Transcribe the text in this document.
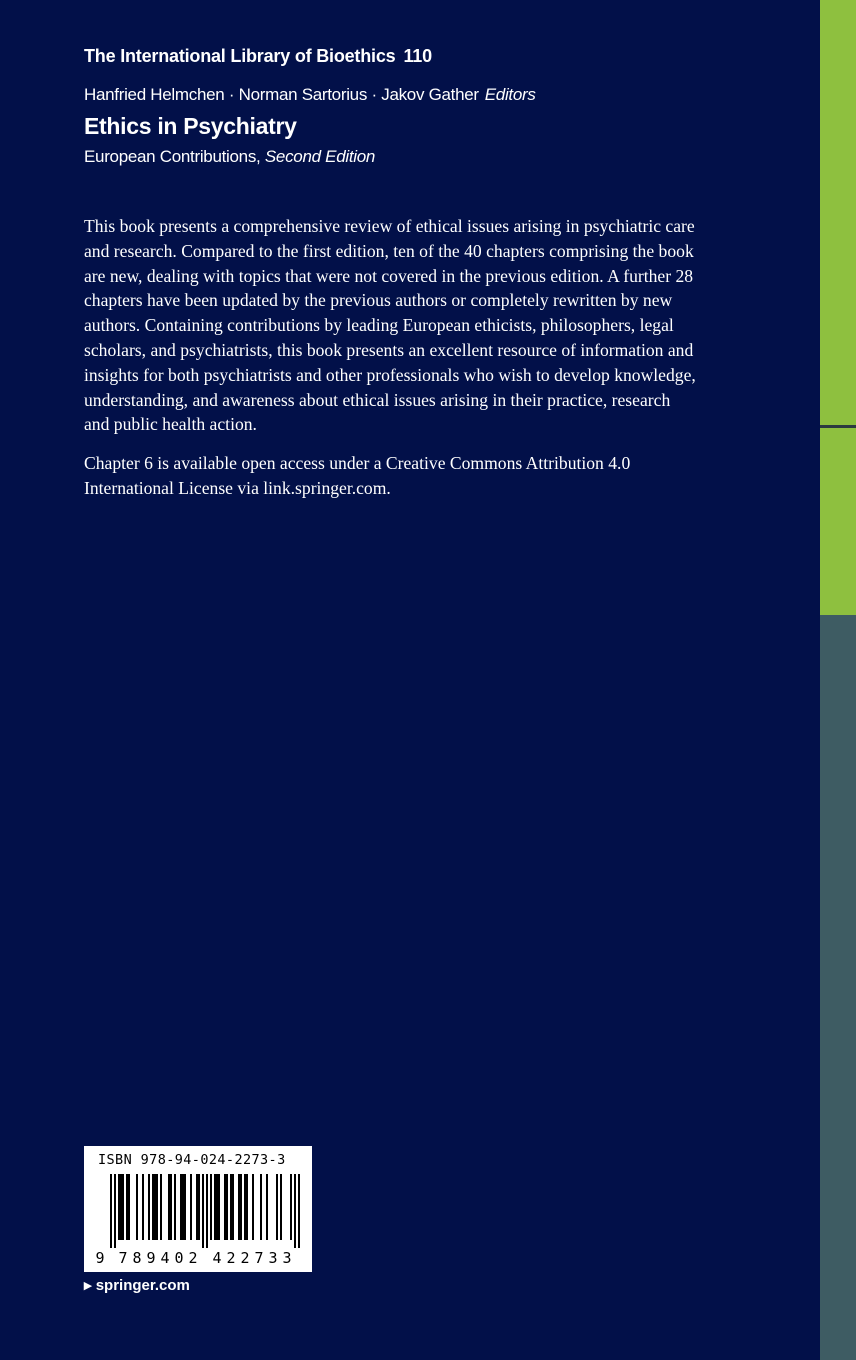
The International Library of Bioethics 110
Hanfried Helmchen · Norman Sartorius · Jakov Gather Editors
Ethics in Psychiatry
European Contributions, Second Edition

This book presents a comprehensive review of ethical issues arising in psychiatric care
and research. Compared to the first edition, ten of the 40 chapters comprising the book
are new, dealing with topics that were not covered in the previous edition. A further 28
chapters have been updated by the previous authors or completely rewritten by new
authors. Containing contributions by leading European ethicists, philosophers, legal
scholars, and psychiatrists, this book presents an excellent resource of information and
insights for both psychiatrists and other professionals who wish to develop knowledge,
understanding, and awareness about ethical issues arising in their practice, research
and public health action.

Chapter 6 is available open access under a Creative Commons Attribution 4.0
International License via link.springer.com.

ISBN 978-94-024-2273-3
9 7 8 9 4 0 2 4 2 2 7 3 3
▸ springer.com
